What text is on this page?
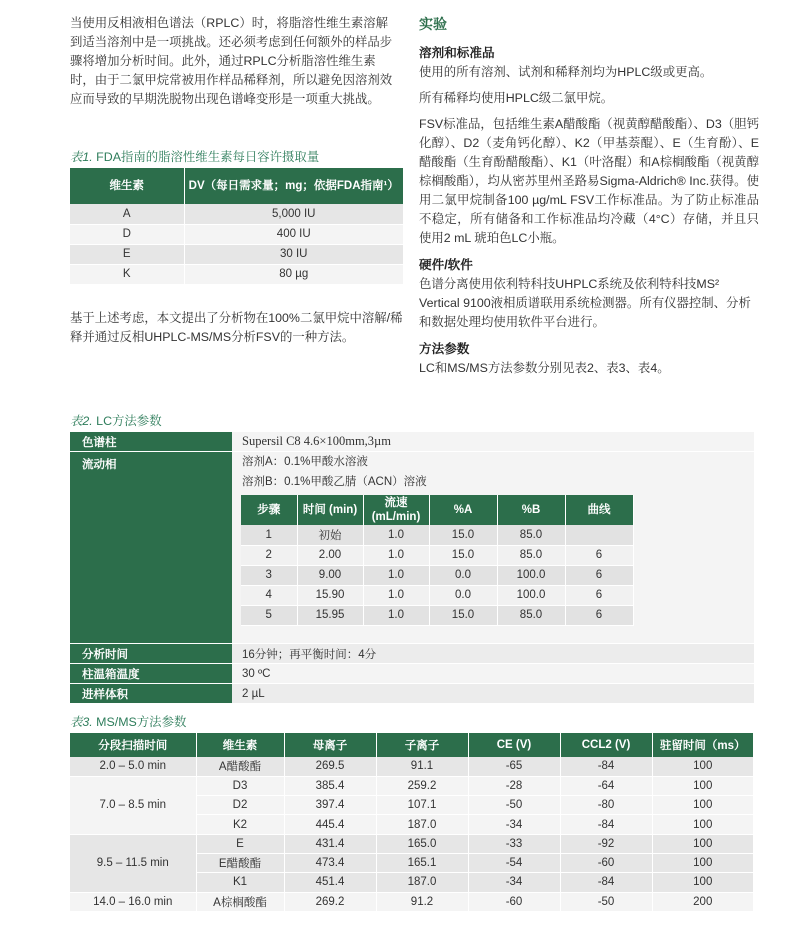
当使用反相液相色谱法（RPLC）时，将脂溶性维生素溶解到适当溶剂中是一项挑战。还必须考虑到任何额外的样品步骤将增加分析时间。此外，通过RPLC分析脂溶性维生素时，由于二氯甲烷常被用作样品稀释剂，所以避免因溶剂效应而导致的早期洗脱物出现色谱峰变形是一项重大挑战。

表1. FDA指南的脂溶性维生素每日容许摄取量
维生素	DV（每日需求量；mg；依据FDA指南¹）
A	5,000 IU
D	400 IU
E	30 IU
K	80 µg

基于上述考虑，本文提出了分析物在100%二氯甲烷中溶解/稀释并通过反相UHPLC-MS/MS分析FSV的一种方法。

实验
溶剂和标准品

使用的所有溶剂、试剂和稀释剂均为HPLC级或更高。

所有稀释均使用HPLC级二氯甲烷。

FSV标准品，包括维生素A醋酸酯（视黄醇醋酸酯）、D3（胆钙化醇）、D2（麦角钙化醇）、K2（甲基萘醌）、E（生育酚）、E醋酸酯（生育酚醋酸酯）、K1（叶洛醌）和A棕榈酸酯（视黄醇棕榈酸酯），均从密苏里州圣路易Sigma-Aldrich® Inc.获得。使用二氯甲烷制备100 µg/mL FSV工作标准品。为了防止标准品不稳定，所有储备和工作标准品均冷藏（4°C）存储，并且只使用2 mL 琥珀色LC小瓶。

硬件/软件

色谱分离使用依利特科技UHPLC系统及依利特科技MS² Vertical 9100液相质谱联用系统检测器。所有仪器控制、分析和数据处理均使用软件平台进行。

方法参数

LC和MS/MS方法参数分别见表2、表3、表4。

表2. LC方法参数
色谱柱	Supersil C8 4.6×100mm,3µm
流动相	溶剂A：0.1%甲酸水溶液
溶剂B：0.1%甲酸乙腈（ACN）溶液
步骤	时间 (min)	流速 (mL/min)	%A	%B	曲线
1	初始	1.0	15.0	85.0	
2	2.00	1.0	15.0	85.0	6
3	9.00	1.0	0.0	100.0	6
4	15.90	1.0	0.0	100.0	6
5	15.95	1.0	15.0	85.0	6
分析时间	16分钟；再平衡时间：4分
柱温箱温度	30 ºC
进样体积	2 µL
表3. MS/MS方法参数
分段扫描时间	维生素	母离子	子离子	CE (V)	CCL2 (V)	驻留时间（ms）
2.0 – 5.0 min	A醋酸酯	269.5	91.1	-65	-84	100
7.0 – 8.5 min	D3	385.4	259.2	-28	-64	100
	D2	397.4	107.1	-50	-80	100
	K2	445.4	187.0	-34	-84	100
9.5 – 11.5 min	E	431.4	165.0	-33	-92	100
	E醋酸酯	473.4	165.1	-54	-60	100
	K1	451.4	187.0	-34	-84	100
14.0 – 16.0 min	A棕榈酸酯	269.2	91.2	-60	-50	200
